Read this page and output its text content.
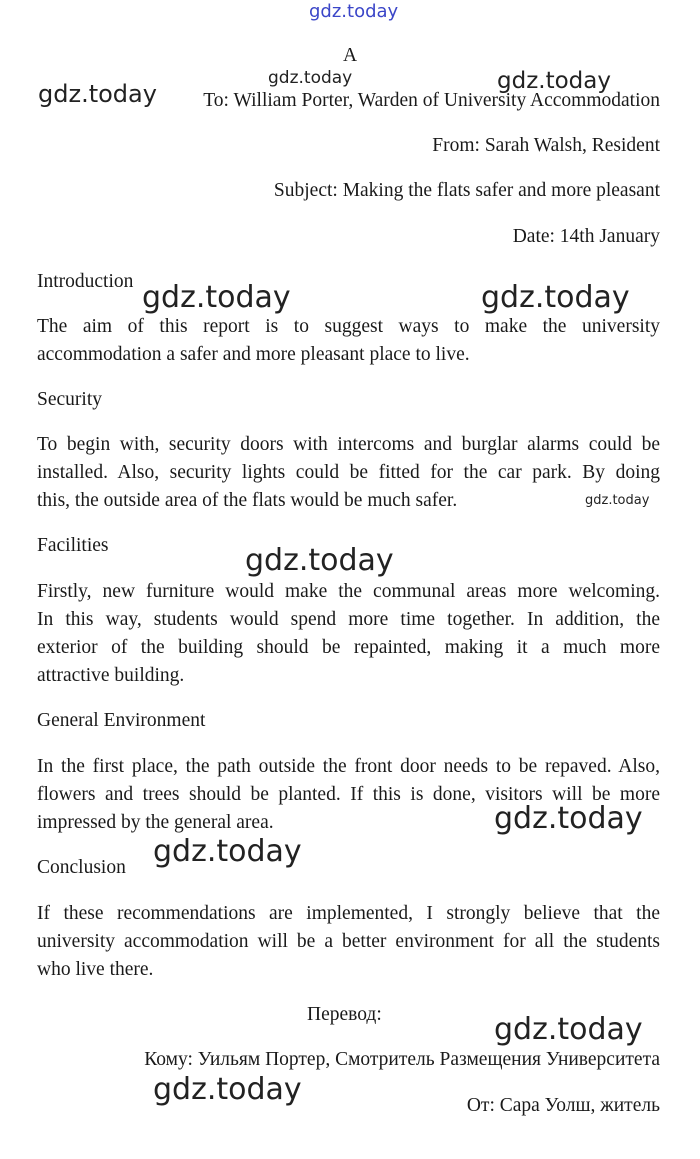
gdz.today
gdz.today
gdz.today	gdz.today
gdz.today	gdz.today
gdz.today
gdz.today
gdz.today
gdz.today
gdz.today
gdz.today
A
To: William Porter, Warden of University Accommodation
From: Sarah Walsh, Resident
Subject: Making the flats safer and more pleasant
Date: 14th January
Introduction
The aim of this report is to suggest ways to make the university
accommodation a safer and more pleasant place to live.
Security
To begin with, security doors with intercoms and burglar alarms could be
installed. Also, security lights could be fitted for the car park. By doing
this, the outside area of the flats would be much safer.
Facilities
Firstly, new furniture would make the communal areas more welcoming.
In this way, students would spend more time together. In addition, the
exterior of the building should be repainted, making it a much more
attractive building.
General Environment
In the first place, the path outside the front door needs to be repaved. Also,
flowers and trees should be planted. If this is done, visitors will be more
impressed by the general area.
Conclusion
If these recommendations are implemented, I strongly believe that the
university accommodation will be a better environment for all the students
who live there.
Перевод:
Кому: Уильям Портер, Смотритель Размещения Университета
От: Сара Уолш, житель
